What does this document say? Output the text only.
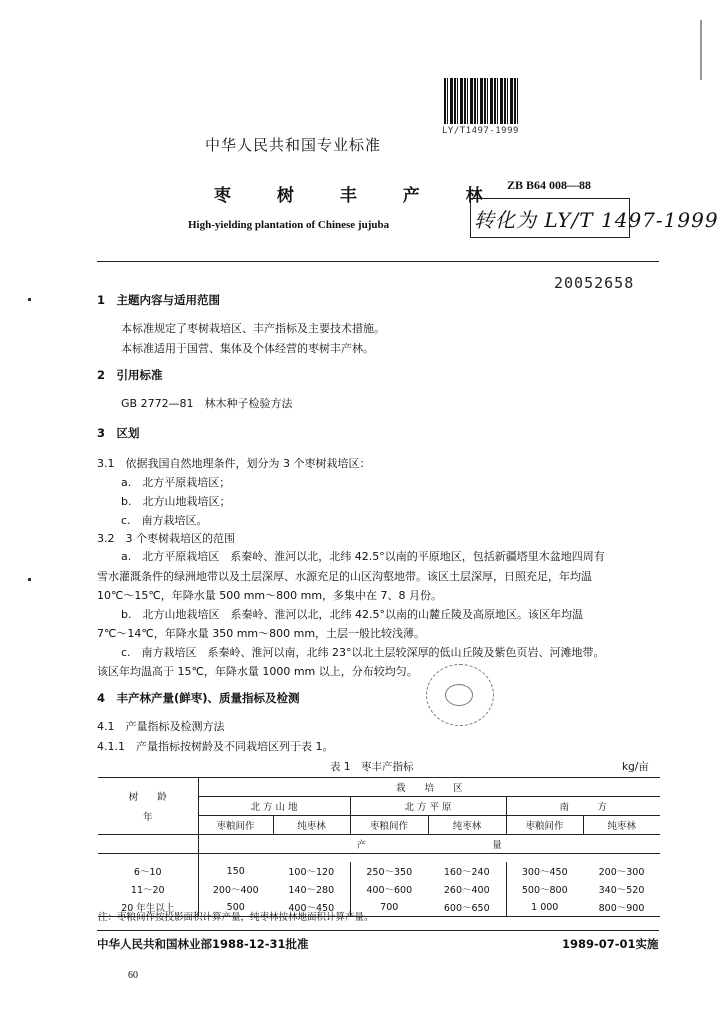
LY/T1497-1999
中华人民共和国专业标准
ZB B64 008—88
转化为 LY/T 1497-1999
枣 树 丰 产 林
High-yielding plantation of Chinese jujuba
20052658
1　主题内容与适用范围
本标准规定了枣树栽培区、丰产指标及主要技术措施。
本标准适用于国营、集体及个体经营的枣树丰产林。
2　引用标准
GB 2772—81　林木种子检验方法
3　区划
3.1　依据我国自然地理条件，划分为 3 个枣树栽培区：
a.　北方平原栽培区；
b.　北方山地栽培区；
c.　南方栽培区。
3.2　3 个枣树栽培区的范围
a.　北方平原栽培区　系秦岭、淮河以北，北纬 42.5°以南的平原地区，包括新疆塔里木盆地四周有
雪水灌溉条件的绿洲地带以及土层深厚、水源充足的山区沟壑地带。该区土层深厚，日照充足，年均温
10℃～15℃，年降水量 500 mm～800 mm，多集中在 7、8 月份。
b.　北方山地栽培区　系秦岭、淮河以北，北纬 42.5°以南的山麓丘陵及高原地区。该区年均温
7℃～14℃，年降水量 350 mm～800 mm，土层一般比较浅薄。
c.　南方栽培区　系秦岭、淮河以南，北纬 23°以北土层较深厚的低山丘陵及紫色页岩、河滩地带。
该区年均温高于 15℃，年降水量 1000 mm 以上，分布较均匀。
4　丰产林产量(鲜枣)、质量指标及检测
4.1　产量指标及检测方法
4.1.1　产量指标按树龄及不同栽培区列于表 1。
表 1　枣丰产指标	kg/亩
树　　龄
年	栽　　培　　区					
	北 方 山 地		北 方 平 原		南　　　方	
	枣粮间作	纯枣林	枣粮间作	纯枣林	枣粮间作	纯枣林
	产 量					

6～10	150	100～120	250～350	160～240	300～450	200～300
11～20	200～400	140～280	400～600	260～400	500～800	340～520
20 年生以上	500	400～450	700	600～650	1 000	800～900
注：枣粮间作按投影面积计算产量，纯枣林按林地面积计算产量。
中华人民共和国林业部1988-12-31批准	1989-07-01实施
60
